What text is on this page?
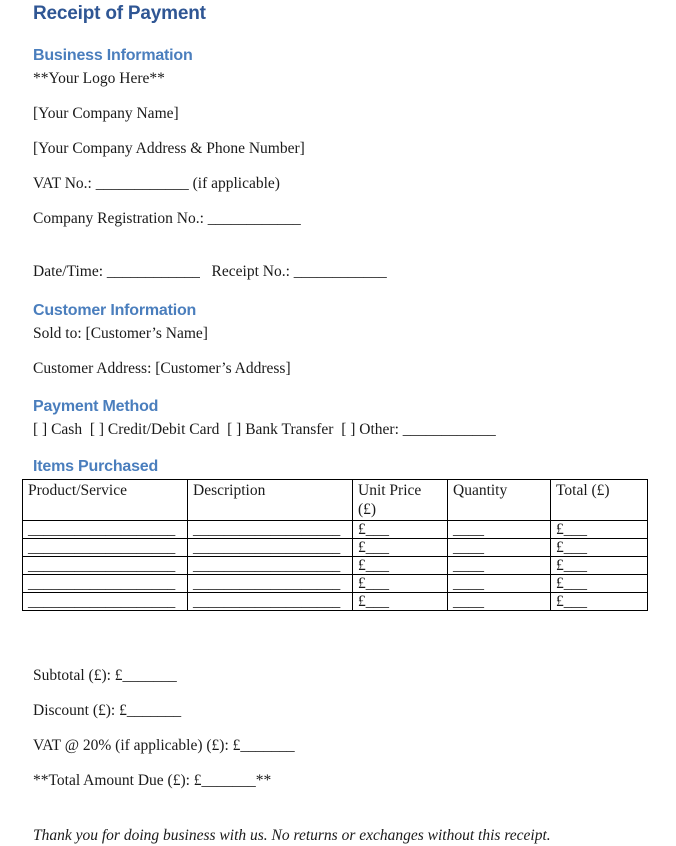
Receipt of Payment
Business Information

**Your Logo Here**

[Your Company Name]

[Your Company Address & Phone Number]

VAT No.: ____________ (if applicable)

Company Registration No.: ____________

Date/Time: ____________   Receipt No.: ____________

Customer Information

Sold to: [Customer’s Name]

Customer Address: [Customer’s Address]

Payment Method

[ ] Cash  [ ] Credit/Debit Card  [ ] Bank Transfer  [ ] Other: ____________

Items Purchased
Product/Service	Description	Unit Price (£)	Quantity	Total (£)
___________________	___________________	£___	____	£___
___________________	___________________	£___	____	£___
___________________	___________________	£___	____	£___
___________________	___________________	£___	____	£___
___________________	___________________	£___	____	£___

Subtotal (£): £_______

Discount (£): £_______

VAT @ 20% (if applicable) (£): £_______

**Total Amount Due (£): £_______**

Thank you for doing business with us. No returns or exchanges without this receipt.
